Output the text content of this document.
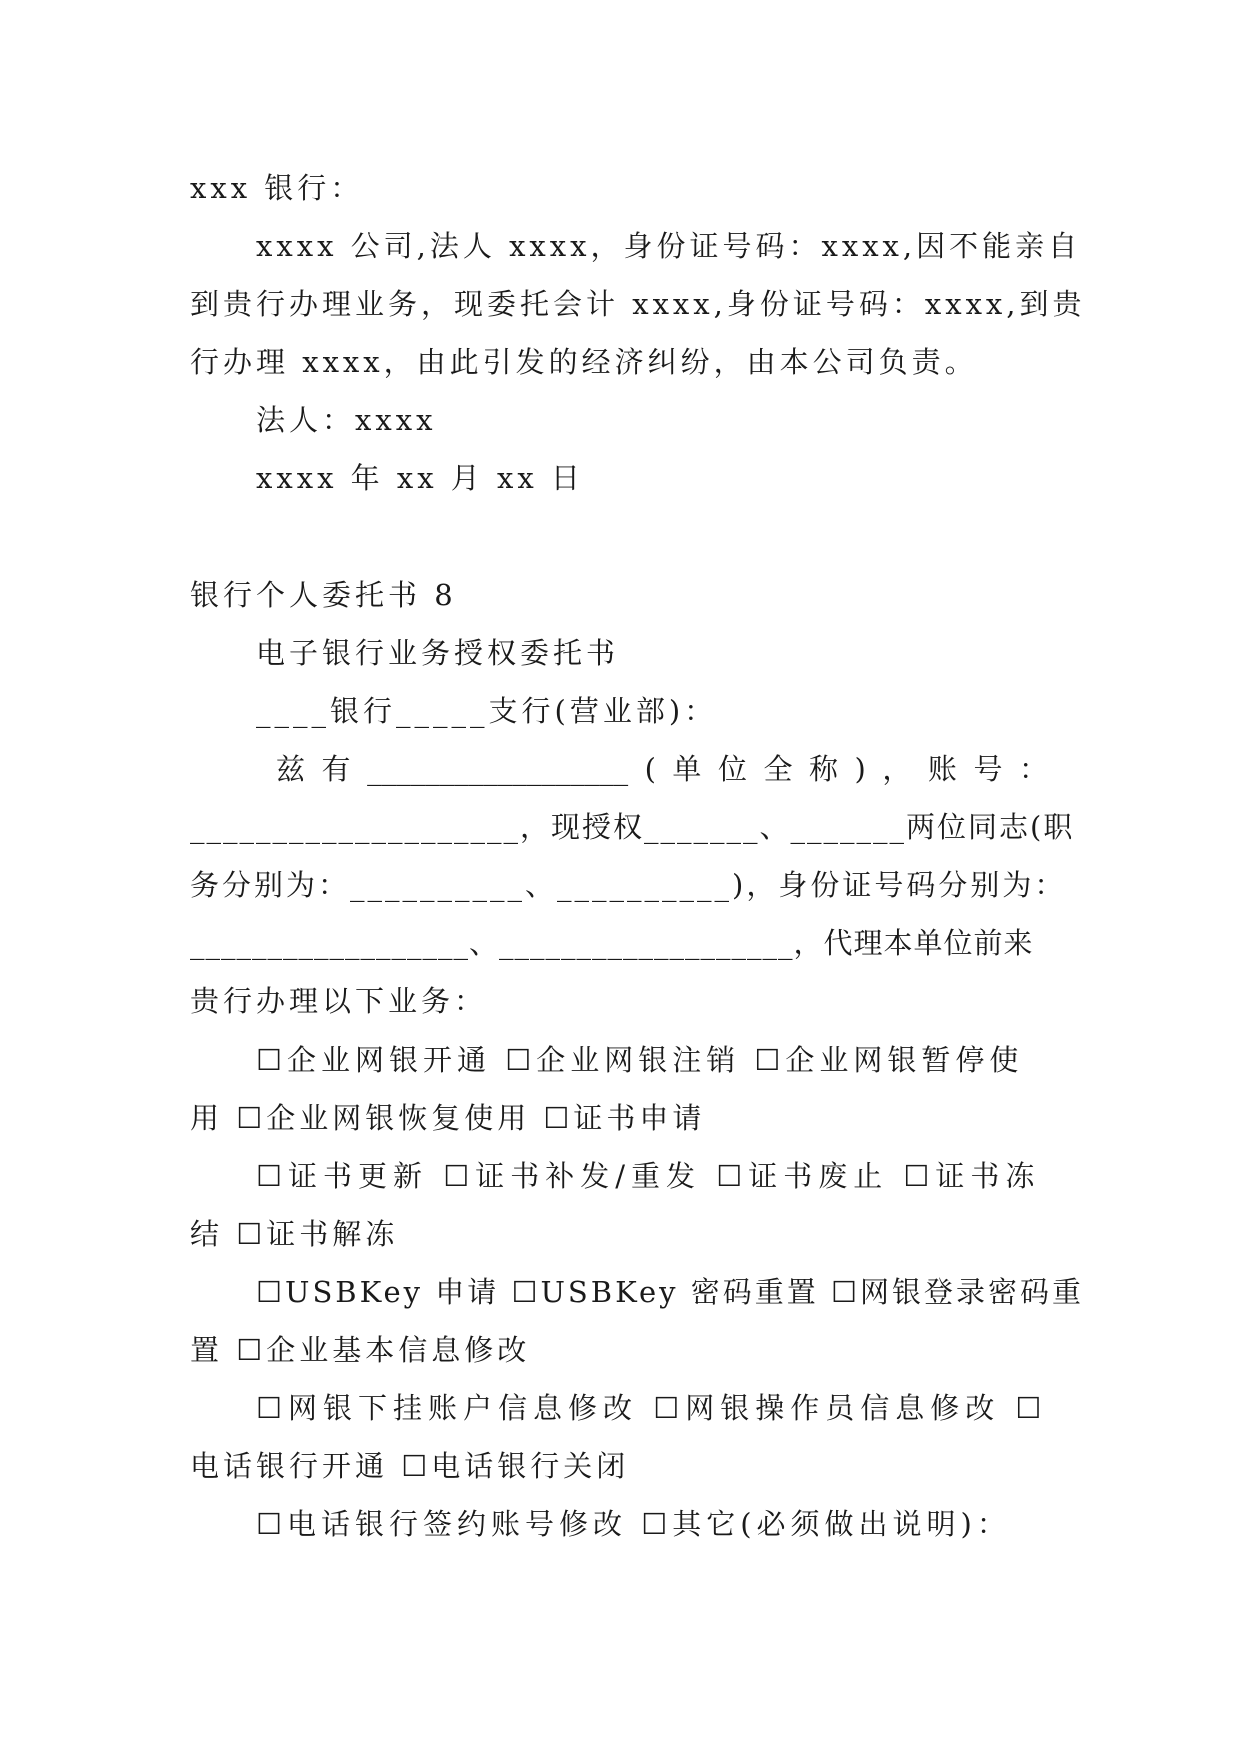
xxx 银行：
xxxx 公司,法人 xxxx，身份证号码：xxxx,因不能亲自
到贵行办理业务，现委托会计 xxxx,身份证号码：xxxx,到贵
行办理 xxxx，由此引发的经济纠纷，由本公司负责。
法人：xxxx
xxxx 年 xx 月 xx 日
银行个人委托书 8
电子银行业务授权委托书
____银行_____支行(营业部)：
兹 有 __________________ ( 单 位 全 称 ) ， 账 号 ：
____________________，现授权_______、_______两位同志(职
务分别为：__________、__________)，身份证号码分别为：
__________________、___________________，代理本单位前来
贵行办理以下业务：
☐企业网银开通 ☐企业网银注销 ☐企业网银暂停使
用 ☐企业网银恢复使用 ☐证书申请
☐证书更新 ☐证书补发/重发 ☐证书废止 ☐证书冻
结 ☐证书解冻
☐USBKey 申请 ☐USBKey 密码重置 ☐网银登录密码重
置 ☐企业基本信息修改
☐网银下挂账户信息修改 ☐网银操作员信息修改 ☐
电话银行开通 ☐电话银行关闭
☐电话银行签约账号修改 ☐其它(必须做出说明)：
